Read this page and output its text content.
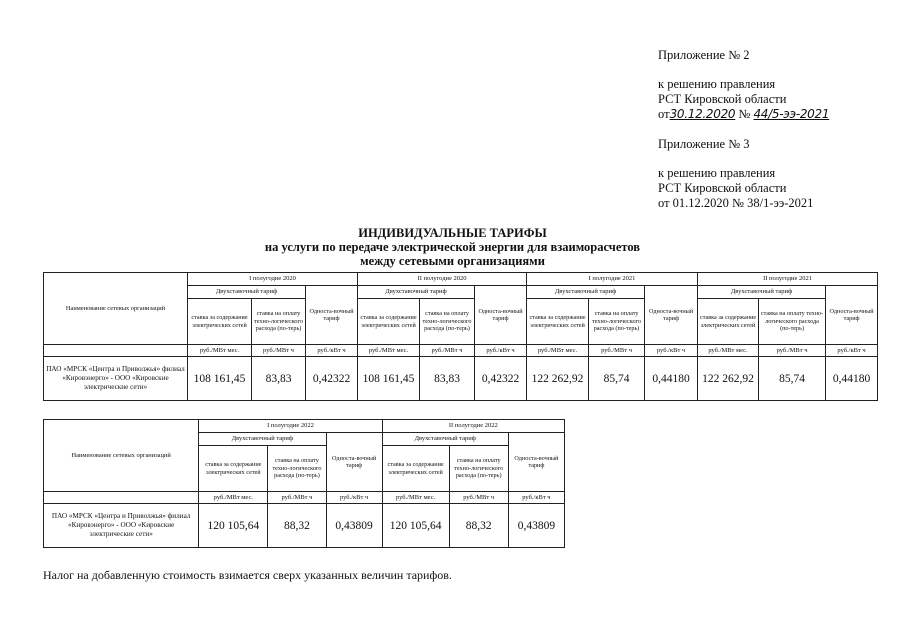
Приложение № 2
к решению правления
РСТ Кировской области
от30.12.2020 № 44/5-ээ-2021
Приложение № 3
к решению правления
РСТ Кировской области
от 01.12.2020 № 38/1-ээ-2021
ИНДИВИДУАЛЬНЫЕ ТАРИФЫ
на услуги по передаче электрической энергии для взаиморасчетов
между сетевыми организациями
Наименование сетевых организаций	I полугодие 2020			II полугодие 2020			I полугодие 2021			II полугодие 2021		
	Двухставочный тариф		Односта-вочный тариф	Двухставочный тариф		Односта-вочный тариф	Двухставочный тариф		Односта-вочный тариф	Двухставочный тариф		Односта-вочный тариф
	ставка за содержание электрических сетей	ставка на оплату техно-логического расхода (по-терь)		ставка за содержание электрических сетей	ставка на оплату техно-логического расхода (по-терь)		ставка за содержание электрических сетей	ставка на оплату техно-логического расхода (по-терь)		ставка за содержание электрических сетей	ставка на оплату техно-логического расхода (по-терь)	
	руб./МВт мес.	руб./МВт ч	руб./кВт ч	руб./МВт мес.	руб./МВт ч	руб./кВт ч	руб./МВт мес.	руб./МВт ч	руб./кВт ч	руб./МВт мес.	руб./МВт ч	руб./кВт ч
ПАО «МРСК «Центра и Приволжья» филиал «Кировэнерго» - ООО «Кировские электрические сети»	108 161,45	83,83	0,42322	108 161,45	83,83	0,42322	122 262,92	85,74	0,44180	122 262,92	85,74	0,44180
Наименование сетевых организаций	I полугодие 2022			II полугодие 2022		
	Двухставочный тариф		Односта-вочный тариф	Двухставочный тариф		Односта-вочный тариф
	ставка за содержание электрических сетей	ставка на оплату техно-логического расхода (по-терь)		ставка за содержание электрических сетей	ставка на оплату техно-логического расхода (по-терь)	
	руб./МВт мес.	руб./МВт ч	руб./кВт ч	руб./МВт мес.	руб./МВт ч	руб./кВт ч
ПАО «МРСК «Центра и Приволжья» филиал «Кировэнерго» - ООО «Кировские электрические сети»	120 105,64	88,32	0,43809	120 105,64	88,32	0,43809
Налог на добавленную стоимость взимается сверх указанных величин тарифов.
